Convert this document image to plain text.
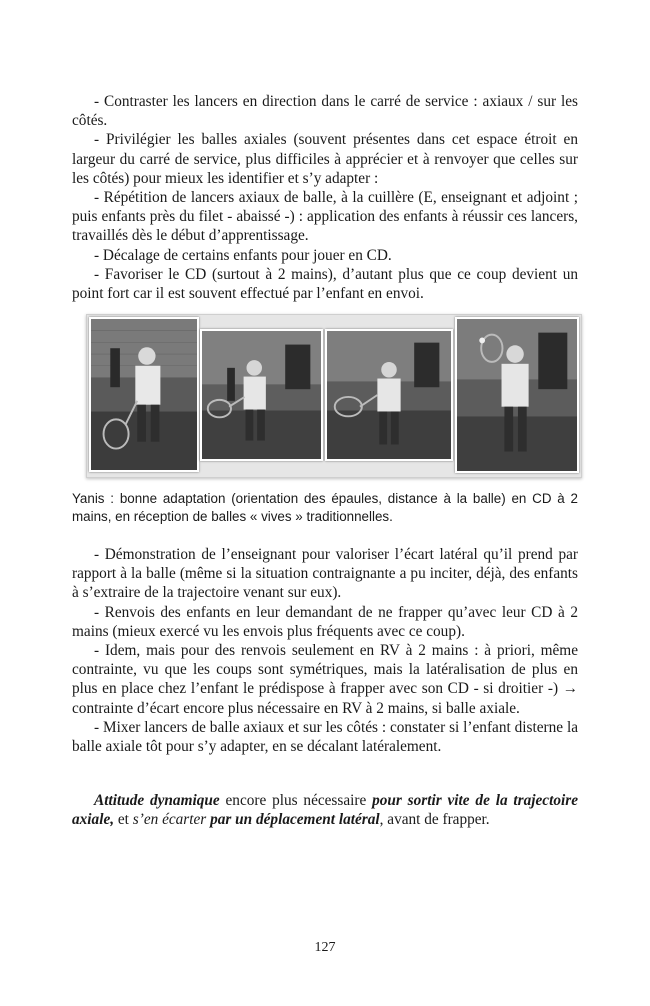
- Contraster les lancers en direction dans le carré de service : axiaux / sur les côtés.

- Privilégier les balles axiales (souvent présentes dans cet espace étroit en largeur du carré de service, plus difficiles à apprécier et à renvoyer que celles sur les côtés) pour mieux les identifier et s’y adapter :

- Répétition de lancers axiaux de balle, à la cuillère (E, enseignant et adjoint ; puis enfants près du filet - abaissé -) : application des enfants à réussir ces lancers, travaillés dès le début d’apprentissage.

- Décalage de certains enfants pour jouer en CD.

- Favoriser le CD (surtout à 2 mains), d’autant plus que ce coup devient un point fort car il est souvent effectué par l’enfant en envoi.

Yanis : bonne adaptation (orientation des épaules, distance à la balle) en CD à 2 mains, en réception de balles « vives » traditionnelles.

- Démonstration de l’enseignant pour valoriser l’écart latéral qu’il prend par rapport à la balle (même si la situation contraignante a pu inciter, déjà, des enfants à s’extraire de la trajectoire venant sur eux).

- Renvois des enfants en leur demandant de ne frapper qu’avec leur CD à 2 mains (mieux exercé vu les envois plus fréquents avec ce coup).

- Idem, mais pour des renvois seulement en RV à 2 mains : à priori, même contrainte, vu que les coups sont symétriques, mais la latéralisation de plus en plus en place chez l’enfant le prédispose à frapper avec son CD - si droitier -) → contrainte d’écart encore plus nécessaire en RV à 2 mains, si balle axiale.

- Mixer lancers de balle axiaux et sur les côtés : constater si l’enfant disterne la balle axiale tôt pour s’y adapter, en se décalant latéralement.

Attitude dynamique encore plus nécessaire pour sortir vite de la trajectoire axiale, et s’en écarter par un déplacement latéral, avant de frapper.

127
